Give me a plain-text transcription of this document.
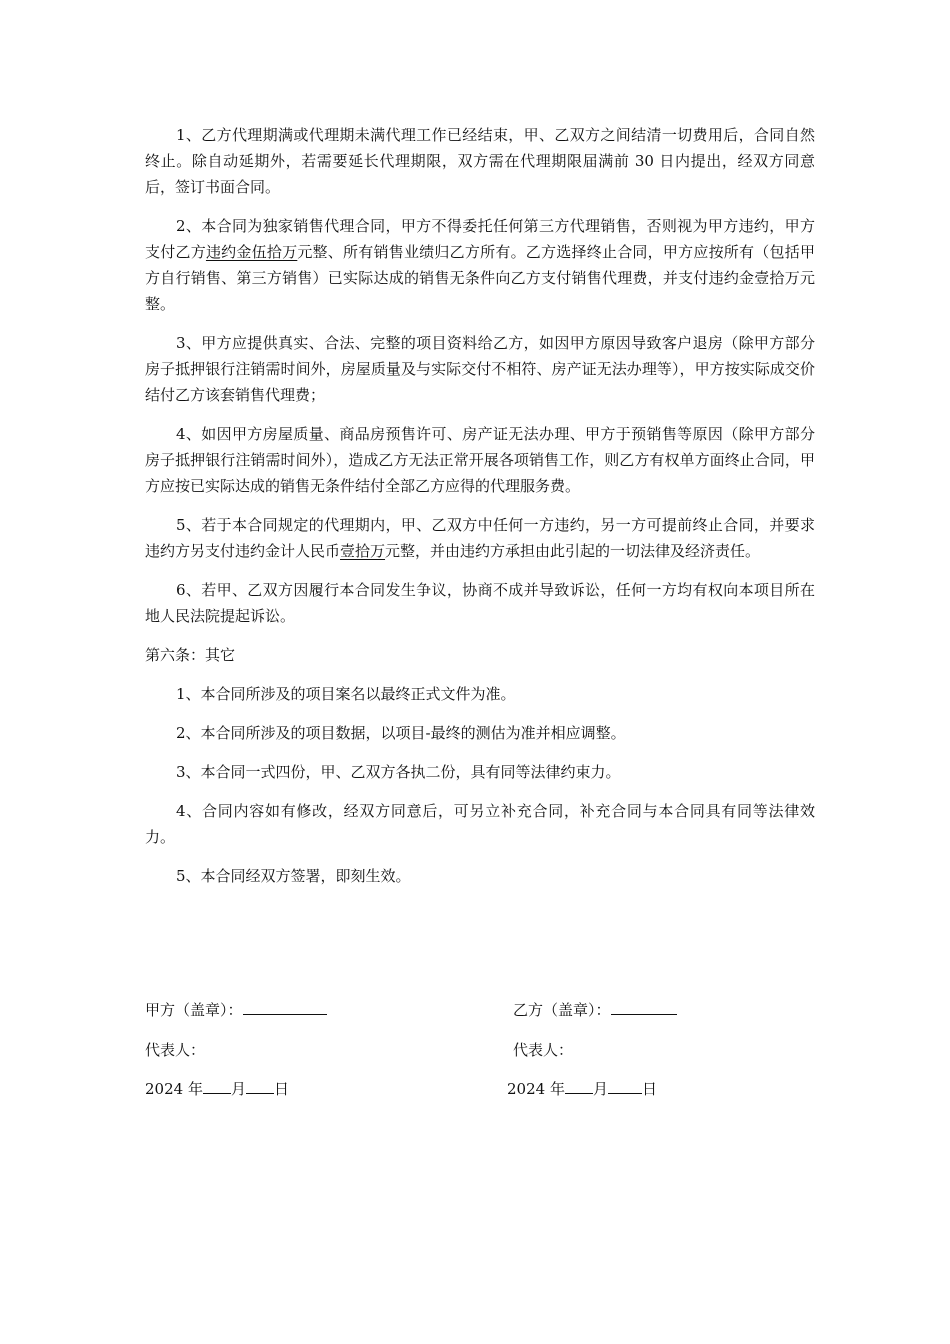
1、乙方代理期满或代理期未满代理工作已经结束，甲、乙双方之间结清一切费用后，合同自然终止。除自动延期外，若需要延长代理期限，双方需在代理期限届满前 30 日内提出，经双方同意后，签订书面合同。

2、本合同为独家销售代理合同，甲方不得委托任何第三方代理销售，否则视为甲方违约，甲方支付乙方违约金伍拾万元整、所有销售业绩归乙方所有。乙方选择终止合同，甲方应按所有（包括甲方自行销售、第三方销售）已实际达成的销售无条件向乙方支付销售代理费，并支付违约金壹拾万元整。

3、甲方应提供真实、合法、完整的项目资料给乙方，如因甲方原因导致客户退房（除甲方部分房子抵押银行注销需时间外，房屋质量及与实际交付不相符、房产证无法办理等），甲方按实际成交价结付乙方该套销售代理费；

4、如因甲方房屋质量、商品房预售许可、房产证无法办理、甲方于预销售等原因（除甲方部分房子抵押银行注销需时间外），造成乙方无法正常开展各项销售工作，则乙方有权单方面终止合同，甲方应按已实际达成的销售无条件结付全部乙方应得的代理服务费。

5、若于本合同规定的代理期内，甲、乙双方中任何一方违约，另一方可提前终止合同，并要求违约方另支付违约金计人民币壹拾万元整，并由违约方承担由此引起的一切法律及经济责任。

6、若甲、乙双方因履行本合同发生争议，协商不成并导致诉讼，任何一方均有权向本项目所在地人民法院提起诉讼。

第六条：其它

1、本合同所涉及的项目案名以最终正式文件为准。

2、本合同所涉及的项目数据，以项目-最终的测估为准并相应调整。

3、本合同一式四份，甲、乙双方各执二份，具有同等法律约束力。

4、合同内容如有修改，经双方同意后，可另立补充合同，补充合同与本合同具有同等法律效力。

5、本合同经双方签署，即刻生效。

甲方（盖章）：
代表人：
2024 年 月 日
乙方（盖章）：
代表人：
2024 年 月 日
